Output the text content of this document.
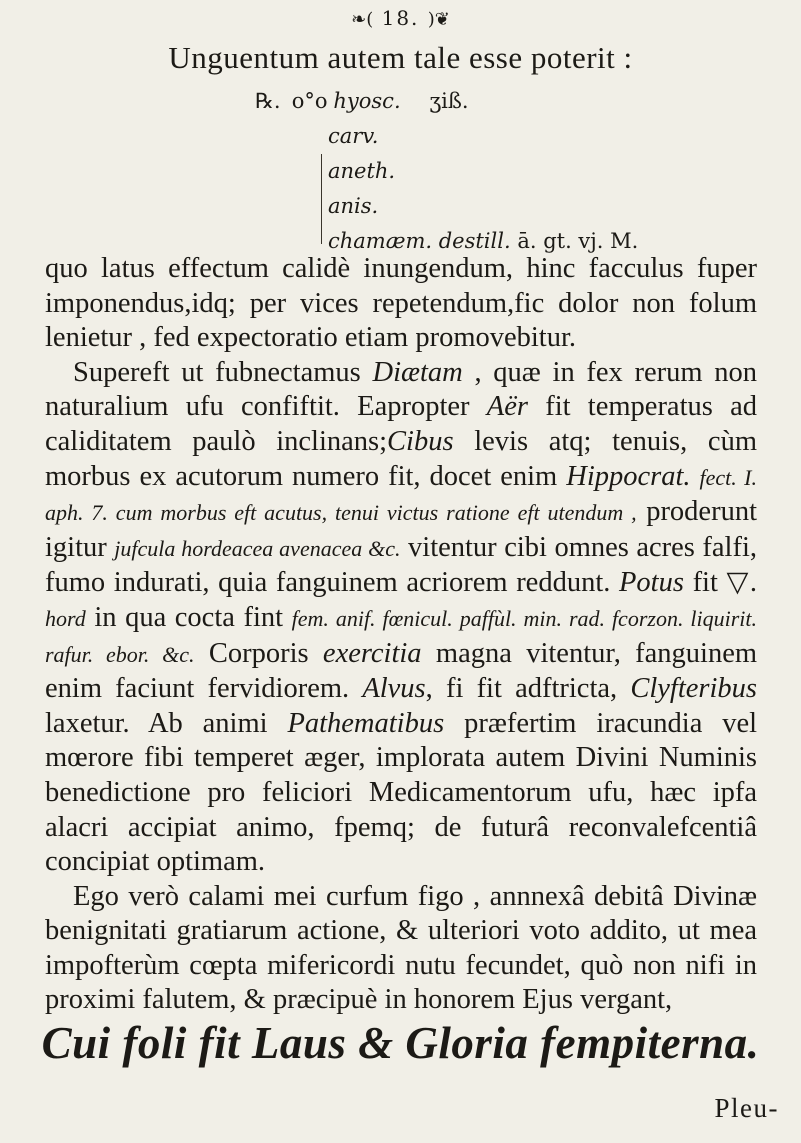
❧( 18. )❦
Unguentum autem tale esse poterit :
℞. o°o hyosc. ʒiß.
carv.
aneth.
anis.
chamæm. destill. ā. gt. vj. M.

quo latus effectum calidè inungendum, hinc facculus fuper imponendus,idq; per vices repetendum,fic dolor non folum lenietur , fed expectoratio etiam promovebitur.

Supereft ut fubnectamus Diætam , quæ in fex rerum non naturalium ufu confiftit. Eapropter Aër fit temperatus ad caliditatem paulò inclinans;Cibus levis atq; tenuis, cùm morbus ex acutorum numero fit, docet enim Hippocrat. fect. I. aph. 7. cum morbus eft acutus, tenui victus ratione eft utendum , proderunt igitur jufcula hordeacea avenacea &c. vitentur cibi omnes acres falfi, fumo indurati, quia fanguinem acriorem reddunt. Potus fit ▽. hord in qua cocta fint fem. anif. fœnicul. paffùl. min. rad. fcorzon. liquirit. rafur. ebor. &c. Corporis exercitia magna vitentur, fanguinem enim faciunt fervidiorem. Alvus, fi fit adftricta, Clyfteribus laxetur. Ab animi Pathematibus præfertim iracundia vel mœrore fibi temperet æger, implorata autem Divini Numinis benedictione pro feliciori Medicamentorum ufu, hæc ipfa alacri accipiat animo, fpemq; de futurâ reconvalefcentiâ concipiat optimam.

Ego verò calami mei curfum figo , annnexâ debitâ Divinæ benignitati gratiarum actione, & ulteriori voto addito, ut mea impofterùm cœpta mifericordi nutu fecundet, quò non nifi in proximi falutem, & præcipuè in honorem Ejus vergant,

Cui foli fit Laus & Gloria fempiterna.
Pleu-
